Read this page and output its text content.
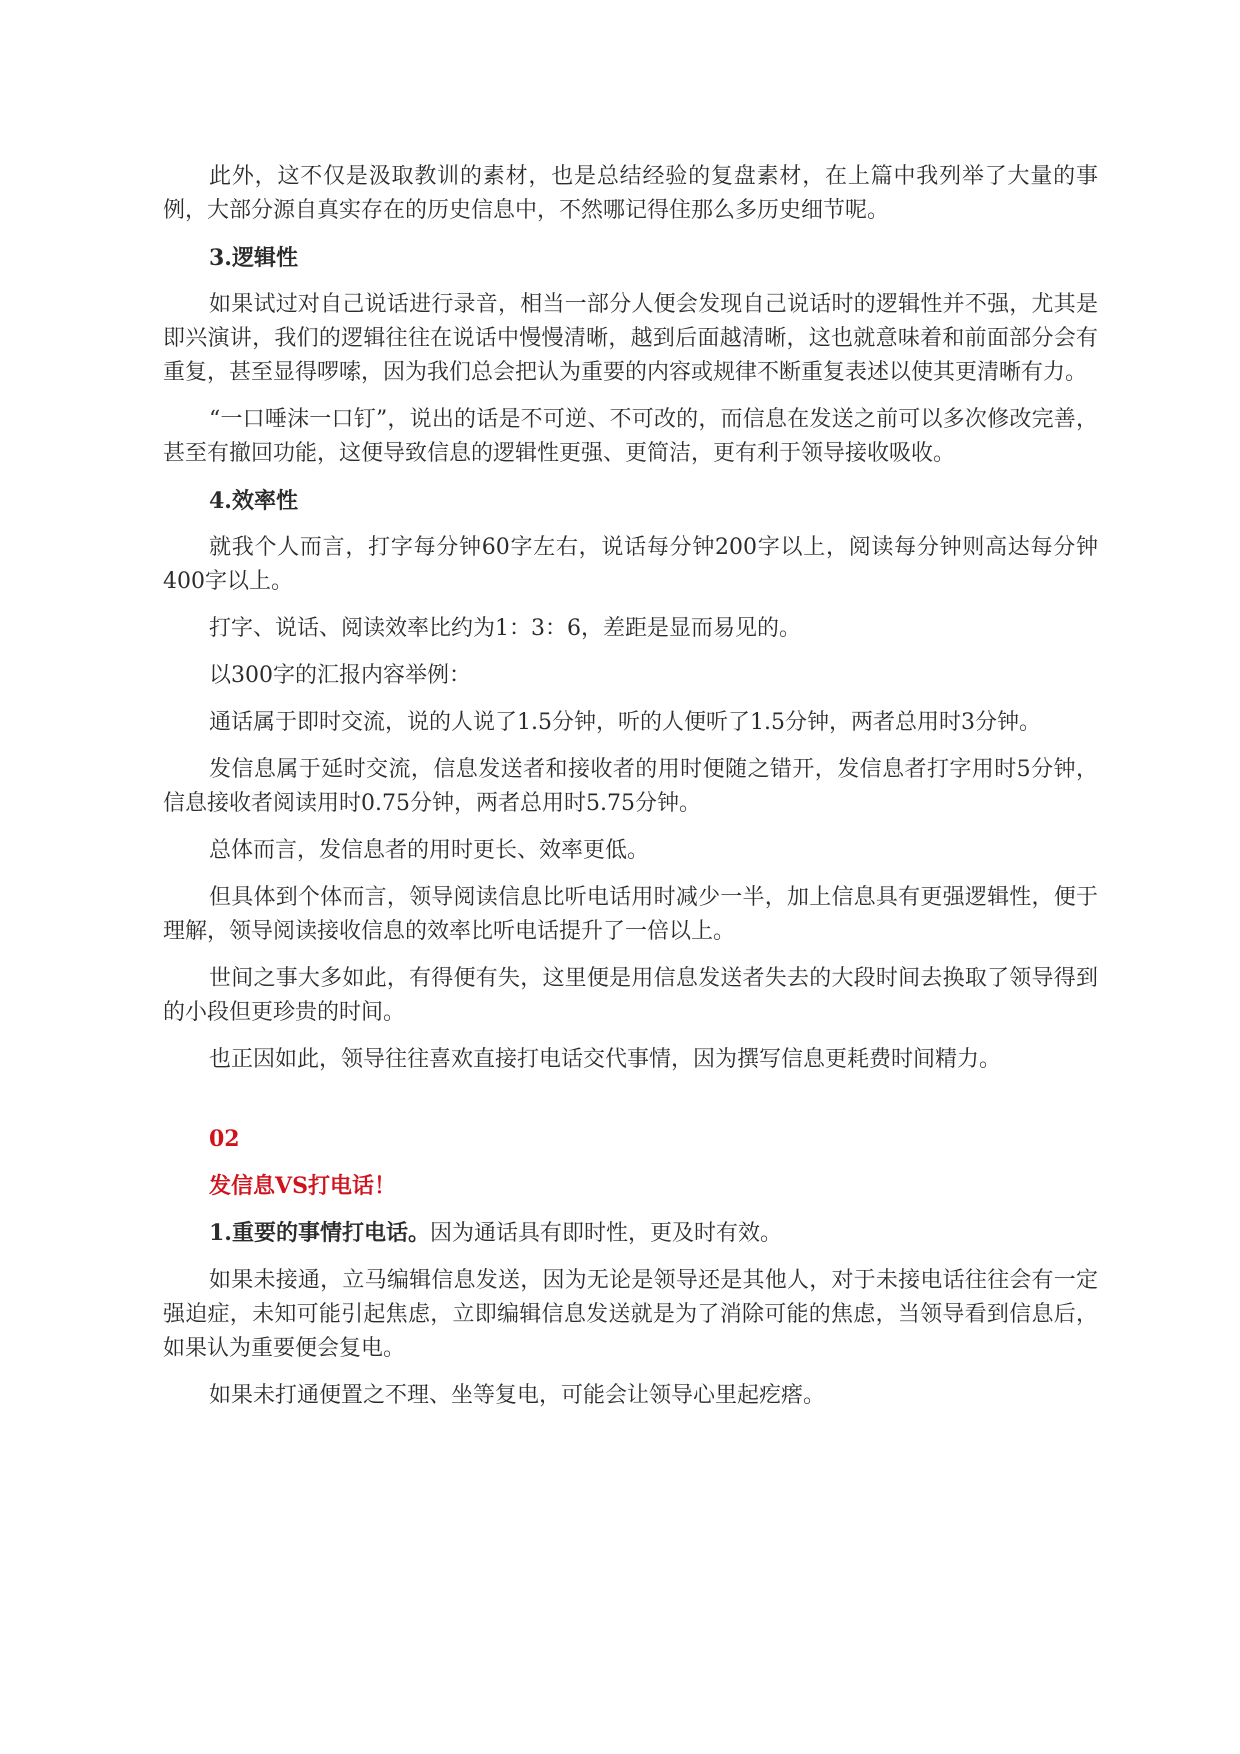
此外，这不仅是汲取教训的素材，也是总结经验的复盘素材，在上篇中我列举了大量的事例，大部分源自真实存在的历史信息中，不然哪记得住那么多历史细节呢。

3.逻辑性

如果试过对自己说话进行录音，相当一部分人便会发现自己说话时的逻辑性并不强，尤其是即兴演讲，我们的逻辑往往在说话中慢慢清晰，越到后面越清晰，这也就意味着和前面部分会有重复，甚至显得啰嗦，因为我们总会把认为重要的内容或规律不断重复表述以使其更清晰有力。

“一口唾沫一口钉”，说出的话是不可逆、不可改的，而信息在发送之前可以多次修改完善，甚至有撤回功能，这便导致信息的逻辑性更强、更简洁，更有利于领导接收吸收。

4.效率性

就我个人而言，打字每分钟60字左右，说话每分钟200字以上，阅读每分钟则高达每分钟400字以上。

打字、说话、阅读效率比约为1：3：6，差距是显而易见的。

以300字的汇报内容举例：

通话属于即时交流，说的人说了1.5分钟，听的人便听了1.5分钟，两者总用时3分钟。

发信息属于延时交流，信息发送者和接收者的用时便随之错开，发信息者打字用时5分钟，信息接收者阅读用时0.75分钟，两者总用时5.75分钟。

总体而言，发信息者的用时更长、效率更低。

但具体到个体而言，领导阅读信息比听电话用时减少一半，加上信息具有更强逻辑性，便于理解，领导阅读接收信息的效率比听电话提升了一倍以上。

世间之事大多如此，有得便有失，这里便是用信息发送者失去的大段时间去换取了领导得到的小段但更珍贵的时间。

也正因如此，领导往往喜欢直接打电话交代事情，因为撰写信息更耗费时间精力。

02

发信息VS打电话！

1.重要的事情打电话。因为通话具有即时性，更及时有效。

如果未接通，立马编辑信息发送，因为无论是领导还是其他人，对于未接电话往往会有一定强迫症，未知可能引起焦虑，立即编辑信息发送就是为了消除可能的焦虑，当领导看到信息后，如果认为重要便会复电。

如果未打通便置之不理、坐等复电，可能会让领导心里起疙瘩。
